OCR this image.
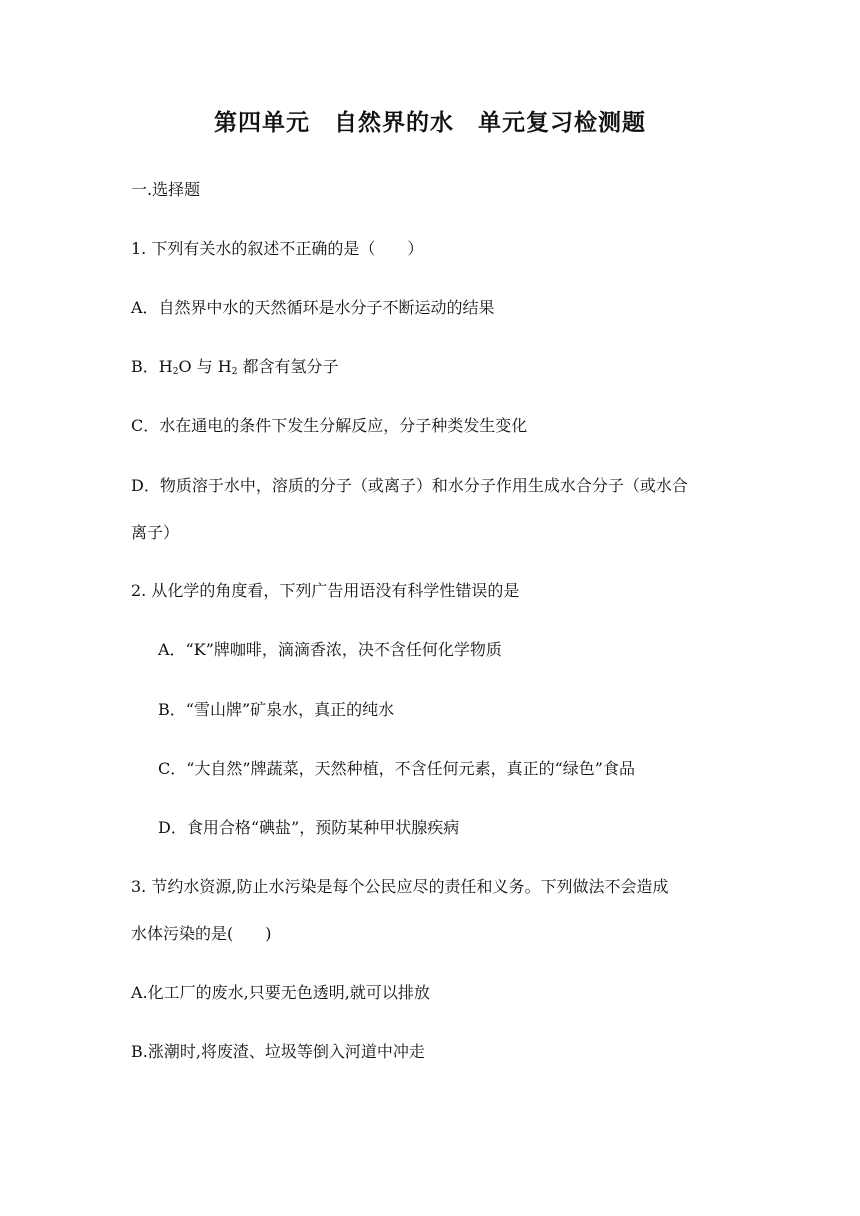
第四单元　自然界的水　单元复习检测题
一.选择题
1. 下列有关水的叙述不正确的是（　　）
A．自然界中水的天然循环是水分子不断运动的结果
B．$H_2O$ 与 $H_2$ 都含有氢分子
C．水在通电的条件下发生分解反应，分子种类发生变化
D．物质溶于水中，溶质的分子（或离子）和水分子作用生成水合分子（或水合
离子）
2. 从化学的角度看，下列广告用语没有科学性错误的是
A．“K”牌咖啡，滴滴香浓，决不含任何化学物质
B．“雪山牌”矿泉水，真正的纯水
C．“大自然”牌蔬菜，天然种植，不含任何元素，真正的“绿色”食品
D．食用合格“碘盐”，预防某种甲状腺疾病
3. 节约水资源,防止水污染是每个公民应尽的责任和义务。下列做法不会造成
水体污染的是(　　)
A.化工厂的废水,只要无色透明,就可以排放
B.涨潮时,将废渣、垃圾等倒入河道中冲走
